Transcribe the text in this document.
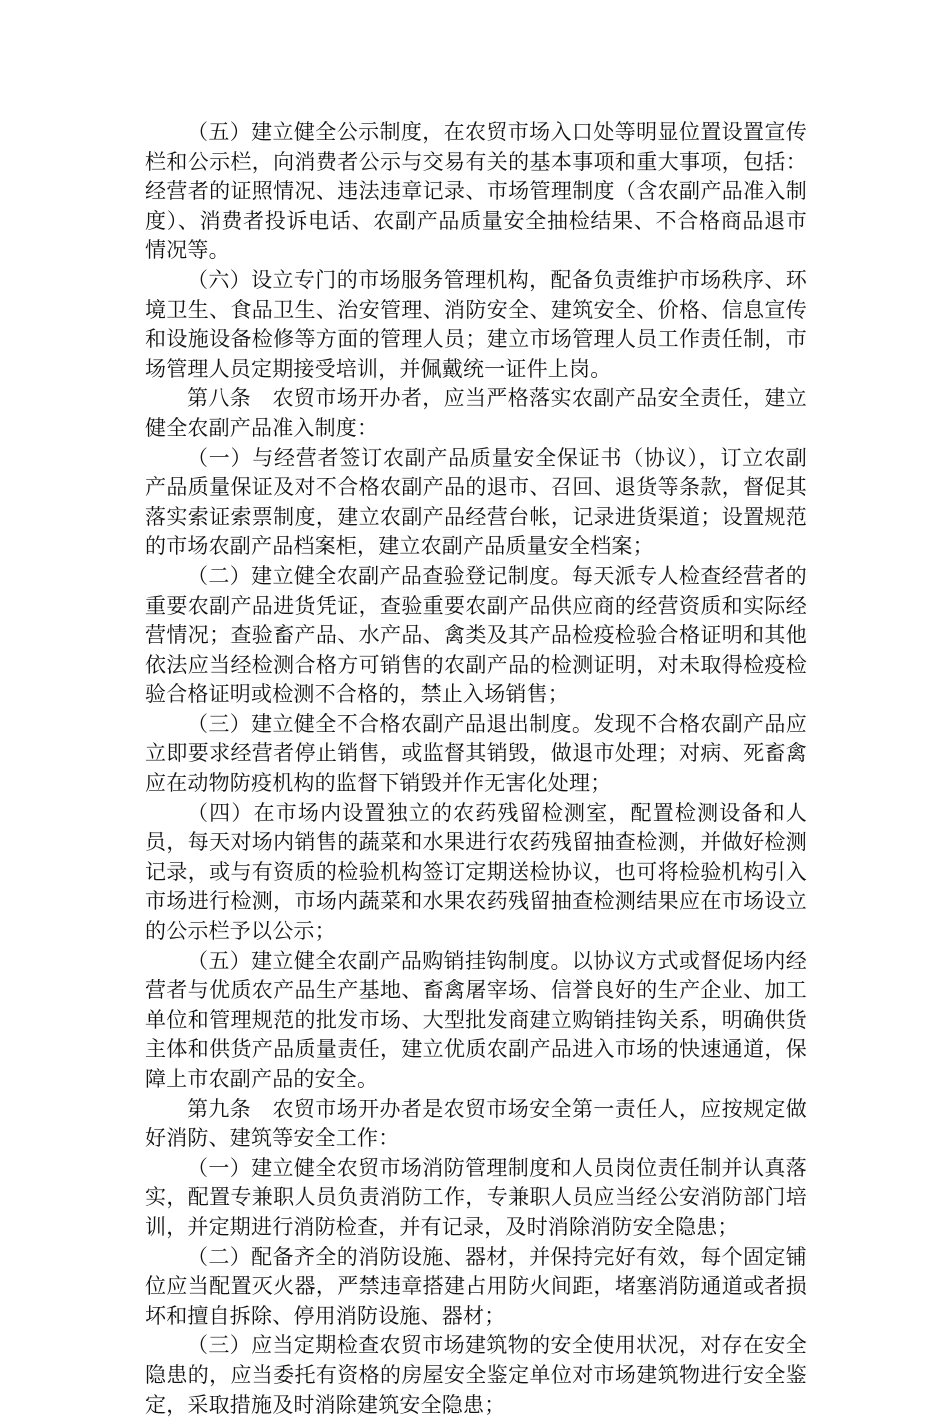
（五）建立健全公示制度，在农贸市场入口处等明显位置设置宣传栏和公示栏，向消费者公示与交易有关的基本事项和重大事项，包括：经营者的证照情况、违法违章记录、市场管理制度（含农副产品准入制度）、消费者投诉电话、农副产品质量安全抽检结果、不合格商品退市情况等。

（六）设立专门的市场服务管理机构，配备负责维护市场秩序、环境卫生、食品卫生、治安管理、消防安全、建筑安全、价格、信息宣传和设施设备检修等方面的管理人员；建立市场管理人员工作责任制，市场管理人员定期接受培训，并佩戴统一证件上岗。

第八条　农贸市场开办者，应当严格落实农副产品安全责任，建立健全农副产品准入制度：

（一）与经营者签订农副产品质量安全保证书（协议），订立农副产品质量保证及对不合格农副产品的退市、召回、退货等条款，督促其落实索证索票制度，建立农副产品经营台帐，记录进货渠道；设置规范的市场农副产品档案柜，建立农副产品质量安全档案；

（二）建立健全农副产品查验登记制度。每天派专人检查经营者的重要农副产品进货凭证，查验重要农副产品供应商的经营资质和实际经营情况；查验畜产品、水产品、禽类及其产品检疫检验合格证明和其他依法应当经检测合格方可销售的农副产品的检测证明，对未取得检疫检验合格证明或检测不合格的，禁止入场销售；

（三）建立健全不合格农副产品退出制度。发现不合格农副产品应立即要求经营者停止销售，或监督其销毁，做退市处理；对病、死畜禽应在动物防疫机构的监督下销毁并作无害化处理；

（四）在市场内设置独立的农药残留检测室，配置检测设备和人员，每天对场内销售的蔬菜和水果进行农药残留抽查检测，并做好检测记录，或与有资质的检验机构签订定期送检协议，也可将检验机构引入市场进行检测，市场内蔬菜和水果农药残留抽查检测结果应在市场设立的公示栏予以公示；

（五）建立健全农副产品购销挂钩制度。以协议方式或督促场内经营者与优质农产品生产基地、畜禽屠宰场、信誉良好的生产企业、加工单位和管理规范的批发市场、大型批发商建立购销挂钩关系，明确供货主体和供货产品质量责任，建立优质农副产品进入市场的快速通道，保障上市农副产品的安全。

第九条　农贸市场开办者是农贸市场安全第一责任人，应按规定做好消防、建筑等安全工作：

（一）建立健全农贸市场消防管理制度和人员岗位责任制并认真落实，配置专兼职人员负责消防工作，专兼职人员应当经公安消防部门培训，并定期进行消防检查，并有记录，及时消除消防安全隐患；

（二）配备齐全的消防设施、器材，并保持完好有效，每个固定铺位应当配置灭火器，严禁违章搭建占用防火间距，堵塞消防通道或者损坏和擅自拆除、停用消防设施、器材；

（三）应当定期检查农贸市场建筑物的安全使用状况，对存在安全隐患的，应当委托有资格的房屋安全鉴定单位对市场建筑物进行安全鉴定，采取措施及时消除建筑安全隐患；
